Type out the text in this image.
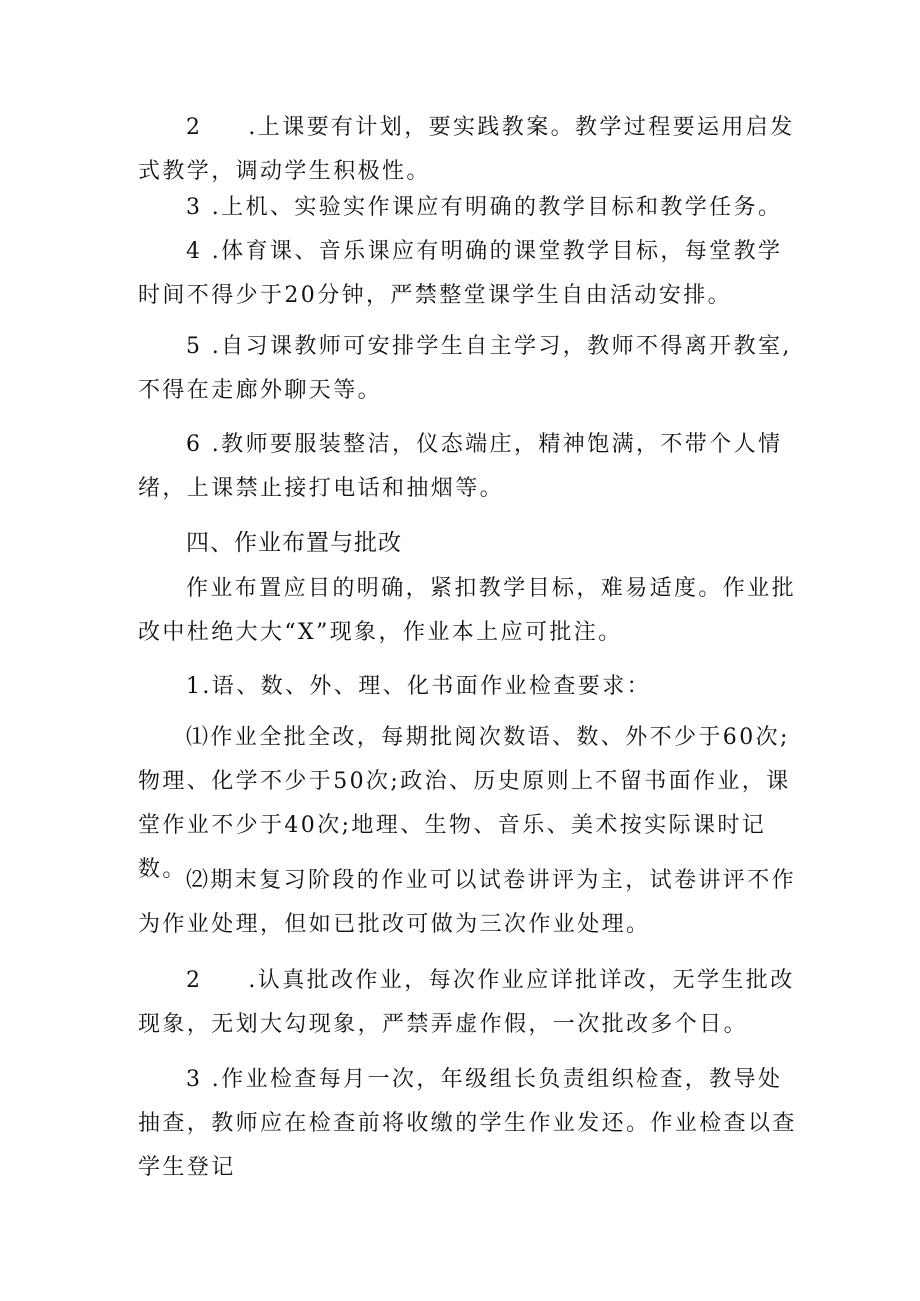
2 .上课要有计划，要实践教案。教学过程要运用启发式教学，调动学生积极性。

3 .上机、实验实作课应有明确的教学目标和教学任务。

4 .体育课、音乐课应有明确的课堂教学目标，每堂教学时间不得少于20分钟，严禁整堂课学生自由活动安排。

5 .自习课教师可安排学生自主学习，教师不得离开教室,不得在走廊外聊天等。

6 .教师要服装整洁，仪态端庄，精神饱满，不带个人情绪，上课禁止接打电话和抽烟等。

四、作业布置与批改

作业布置应目的明确，紧扣教学目标，难易适度。作业批改中杜绝大大“X”现象，作业本上应可批注。

1.语、数、外、理、化书面作业检查要求：

⑴作业全批全改，每期批阅次数语、数、外不少于60次;物理、化学不少于50次;政治、历史原则上不留书面作业，课堂作业不少于40次;地理、生物、音乐、美术按实际课时记数。 ⑵期末复习阶段的作业可以试卷讲评为主，试卷讲评不作为作业处理，但如已批改可做为三次作业处理。

2 .认真批改作业，每次作业应详批详改，无学生批改现象，无划大勾现象，严禁弄虚作假，一次批改多个日。

3 .作业检查每月一次，年级组长负责组织检查，教导处抽查，教师应在检查前将收缴的学生作业发还。作业检查以查学生登记
